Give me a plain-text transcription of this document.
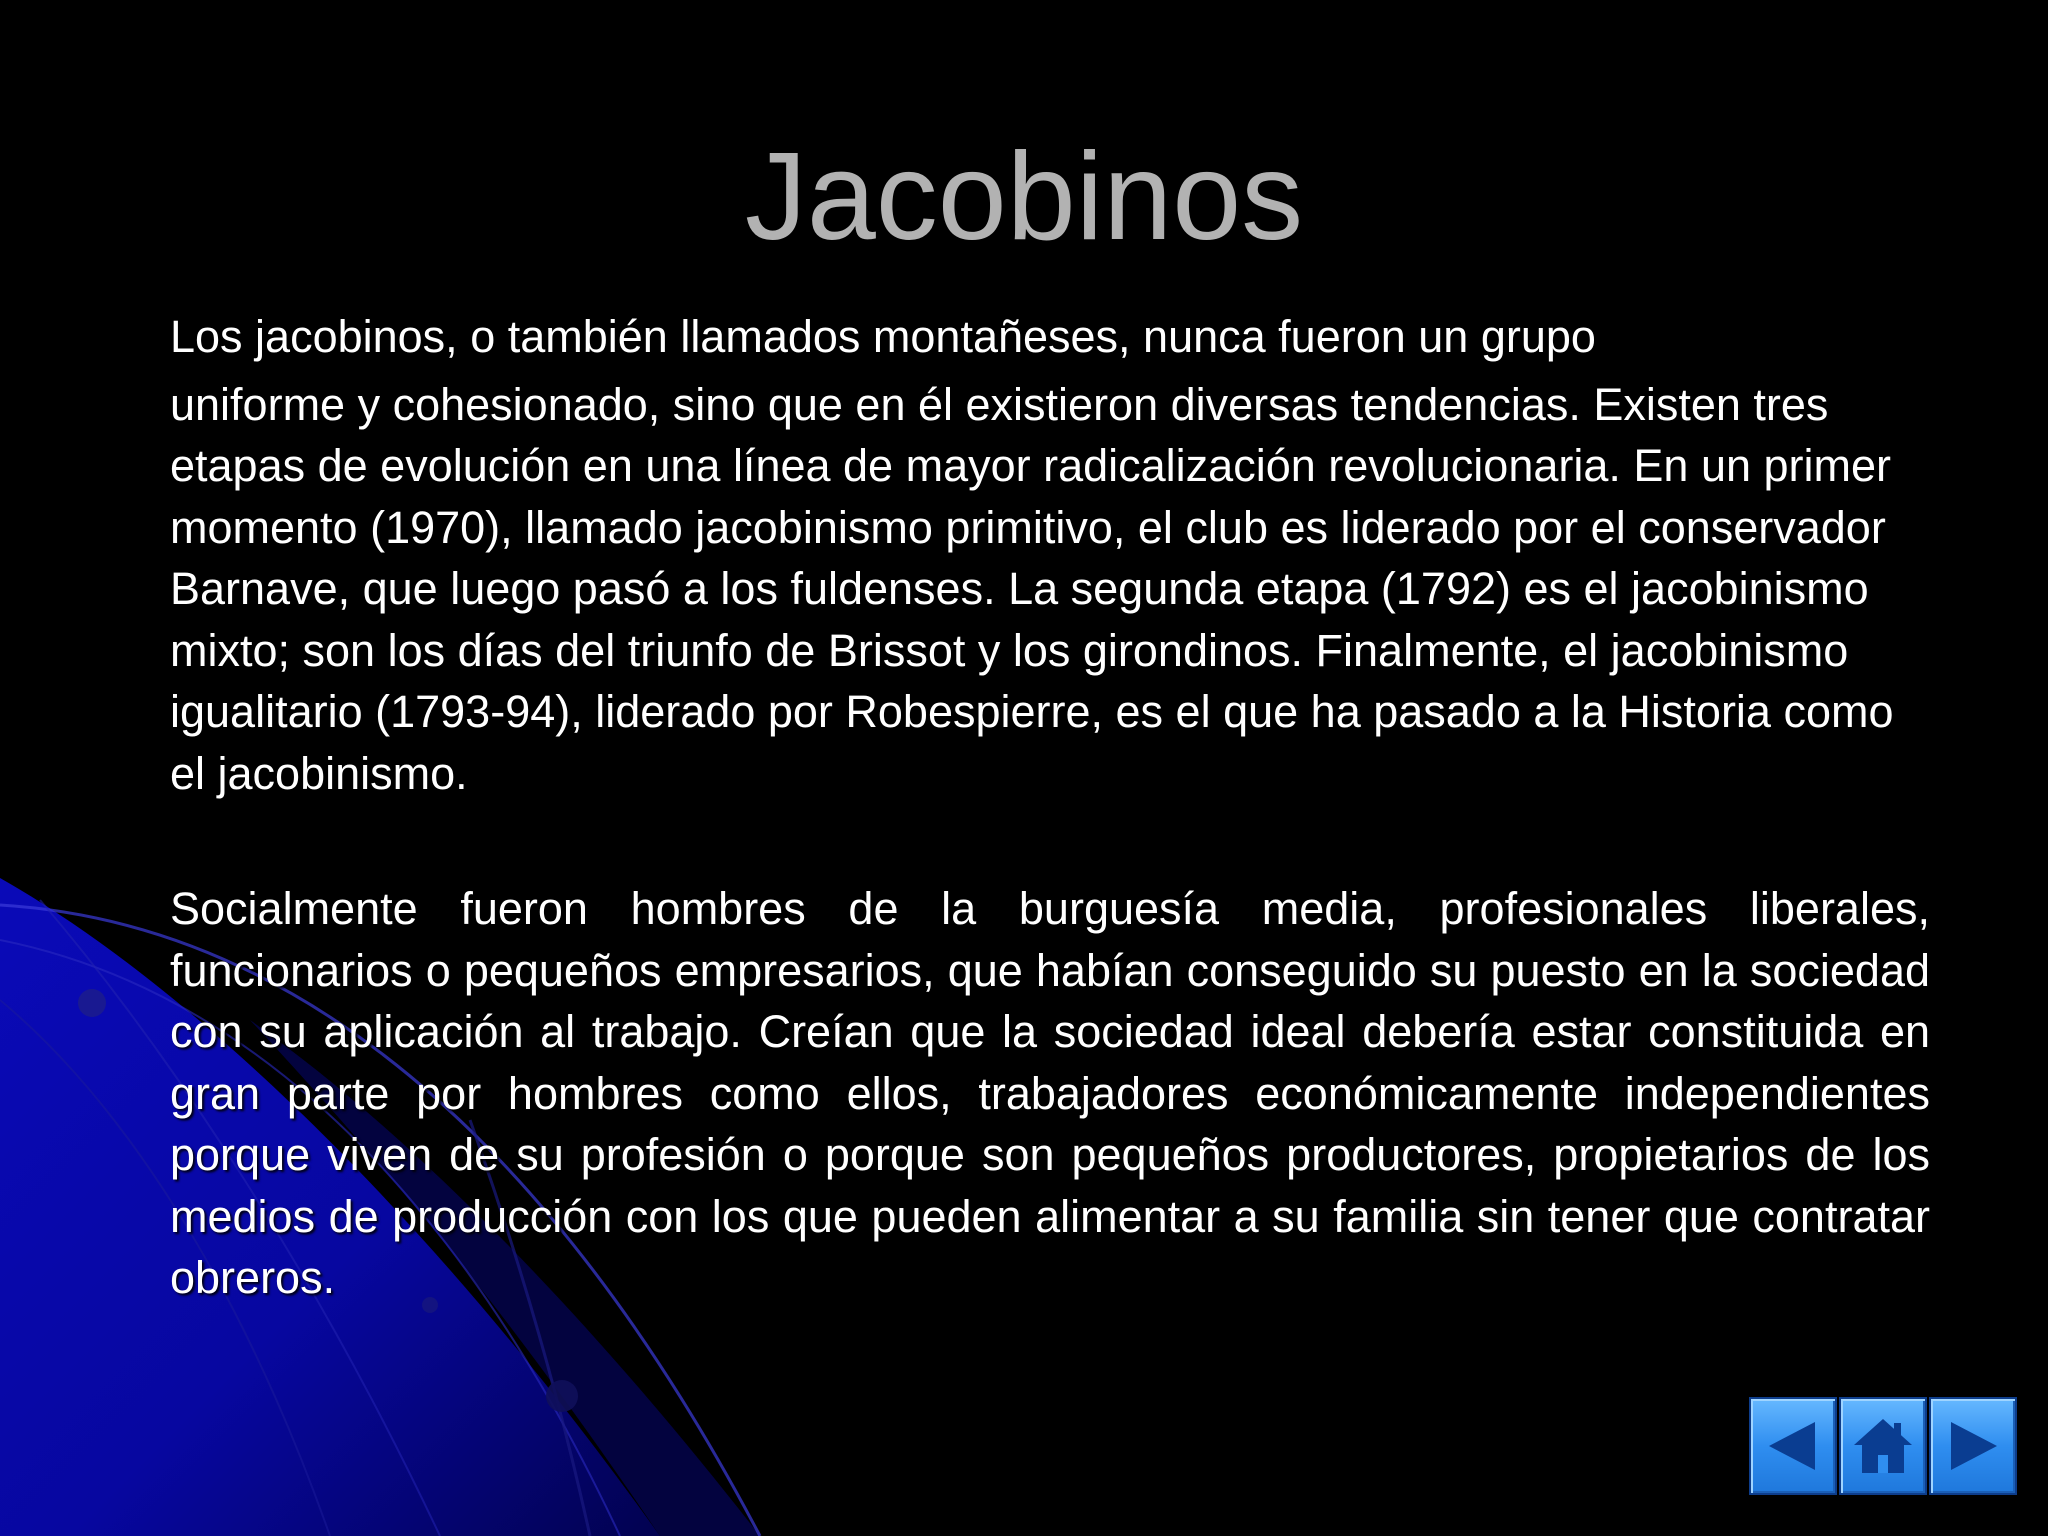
Jacobinos

Los jacobinos, o también llamados montañeses, nunca fueron un grupo
uniforme y cohesionado, sino que en él existieron diversas tendencias. Existen tres etapas de evolución en una línea de mayor radicalización revolucionaria. En un primer momento (1970), llamado jacobinismo primitivo, el club es liderado por el conservador Barnave, que luego pasó a los fuldenses. La segunda etapa (1792) es el jacobinismo mixto; son los días del triunfo de Brissot y los girondinos. Finalmente, el jacobinismo igualitario (1793-94), liderado por Robespierre, es el que ha pasado a la Historia como el jacobinismo.

Socialmente fueron hombres de la burguesía media, profesionales liberales, funcionarios o pequeños empresarios, que habían conseguido su puesto en la sociedad con su aplicación al trabajo. Creían que la sociedad ideal debería estar constituida en gran parte por hombres como ellos, trabajadores económicamente independientes porque viven de su profesión o porque son pequeños productores, propietarios de los medios de producción con los que pueden alimentar a su familia sin tener que contratar obreros.
